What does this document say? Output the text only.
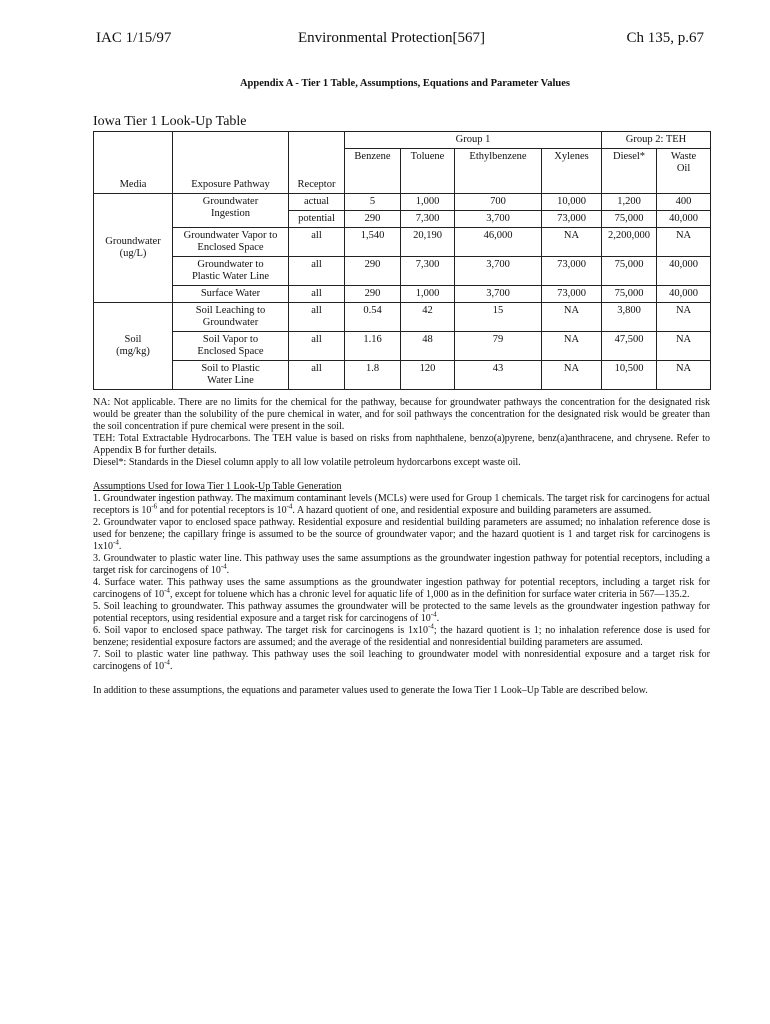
IAC 1/15/97	Environmental Protection[567]	Ch 135, p.67
Appendix A - Tier 1 Table, Assumptions, Equations and Parameter Values
Iowa Tier 1 Look-Up Table
			Group 1				Group 2: TEH	
Media	Exposure Pathway	Receptor	Benzene	Toluene	Ethylbenzene	Xylenes	Diesel*	Waste Oil
Groundwater (ug/L)	Groundwater Ingestion	actual	5	1,000	700	10,000	1,200	400
		potential	290	7,300	3,700	73,000	75,000	40,000
	Groundwater Vapor to Enclosed Space	all	1,540	20,190	46,000	NA	2,200,000	NA
	Groundwater to Plastic Water Line	all	290	7,300	3,700	73,000	75,000	40,000
	Surface Water	all	290	1,000	3,700	73,000	75,000	40,000
Soil (mg/kg)	Soil Leaching to Groundwater	all	0.54	42	15	NA	3,800	NA
	Soil Vapor to Enclosed Space	all	1.16	48	79	NA	47,500	NA
	Soil to Plastic Water Line	all	1.8	120	43	NA	10,500	NA

NA: Not applicable. There are no limits for the chemical for the pathway, because for groundwater pathways the concentration for the designated risk would be greater than the solubility of the pure chemical in water, and for soil pathways the concentration for the designated risk would be greater than the soil concentration if pure chemical were present in the soil.

TEH: Total Extractable Hydrocarbons. The TEH value is based on risks from naphthalene, benzo(a)pyrene, benz(a)anthracene, and chrysene. Refer to Appendix B for further details.

Diesel*: Standards in the Diesel column apply to all low volatile petroleum hydorcarbons except waste oil.

Assumptions Used for Iowa Tier 1 Look-Up Table Generation

1. Groundwater ingestion pathway. The maximum contaminant levels (MCLs) were used for Group 1 chemicals. The target risk for carcinogens for actual receptors is $10^{-6}$ and for potential receptors is $10^{-4}$. A hazard quotient of one, and residential exposure and building parameters are assumed.

2. Groundwater vapor to enclosed space pathway. Residential exposure and residential building parameters are assumed; no inhalation reference dose is used for benzene; the capillary fringe is assumed to be the source of groundwater vapor; and the hazard quotient is 1 and target risk for carcinogens is $1x10^{-4}$.

3. Groundwater to plastic water line. This pathway uses the same assumptions as the groundwater ingestion pathway for potential receptors, including a target risk for carcinogens of $10^{-4}$.

4. Surface water. This pathway uses the same assumptions as the groundwater ingestion pathway for potential receptors, including a target risk for carcinogens of $10^{-4}$, except for toluene which has a chronic level for aquatic life of 1,000 as in the definition for surface water criteria in 567—135.2.

5. Soil leaching to groundwater. This pathway assumes the groundwater will be protected to the same levels as the groundwater ingestion pathway for potential receptors, using residential exposure and a target risk for carcinogens of $10^{-4}$.

6. Soil vapor to enclosed space pathway. The target risk for carcinogens is $1x10^{-4}$; the hazard quotient is 1; no inhalation reference dose is used for benzene; residential exposure factors are assumed; and the average of the residential and nonresidential building parameters are assumed.

7. Soil to plastic water line pathway. This pathway uses the soil leaching to groundwater model with nonresidential exposure and a target risk for carcinogens of $10^{-4}$.

In addition to these assumptions, the equations and parameter values used to generate the Iowa Tier 1 Look–Up Table are described below.
